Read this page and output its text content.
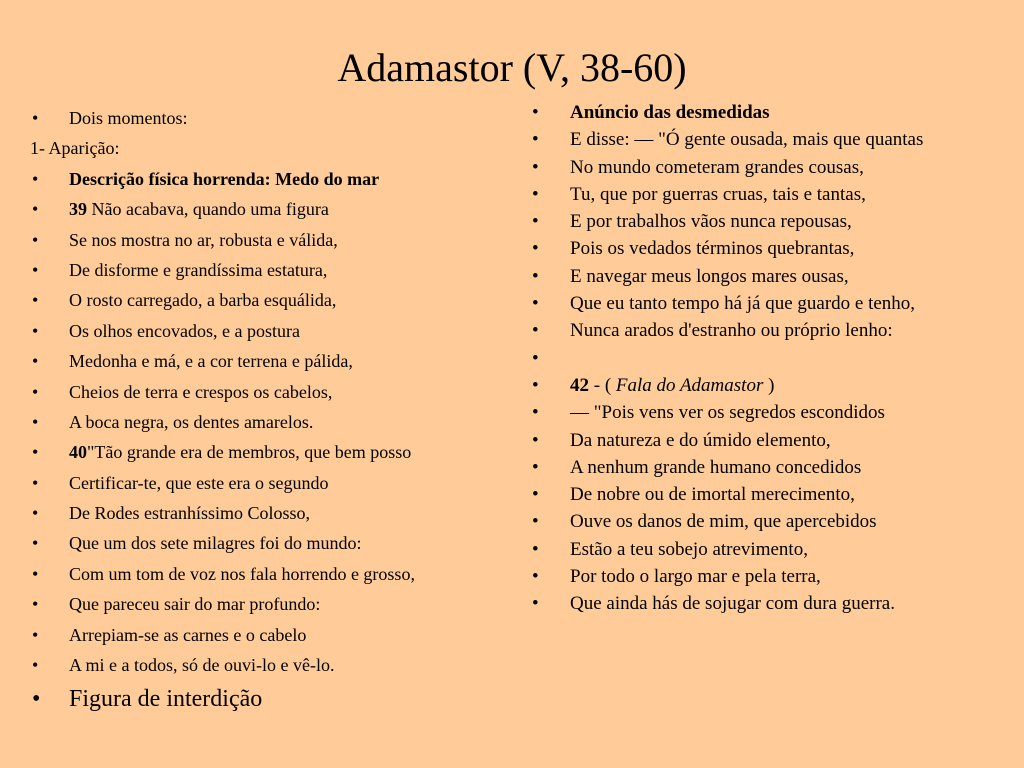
Adamastor (V, 38-60)
• Dois momentos:
1- Aparição:
• Descrição física horrenda: Medo do mar
• 39 Não acabava, quando uma figura
• Se nos mostra no ar, robusta e válida,
• De disforme e grandíssima estatura,
• O rosto carregado, a barba esquálida,
• Os olhos encovados, e a postura
• Medonha e má, e a cor terrena e pálida,
• Cheios de terra e crespos os cabelos,
• A boca negra, os dentes amarelos.
• 40"Tão grande era de membros, que bem posso
• Certificar-te, que este era o segundo
• De Rodes estranhíssimo Colosso,
• Que um dos sete milagres foi do mundo:
• Com um tom de voz nos fala horrendo e grosso,
• Que pareceu sair do mar profundo:
• Arrepiam-se as carnes e o cabelo
• A mi e a todos, só de ouvi-lo e vê-lo.
• Figura de interdição
• Anúncio das desmedidas
• E disse: — "Ó gente ousada, mais que quantas
• No mundo cometeram grandes cousas,
• Tu, que por guerras cruas, tais e tantas,
• E por trabalhos vãos nunca repousas,
• Pois os vedados términos quebrantas,
• E navegar meus longos mares ousas,
• Que eu tanto tempo há já que guardo e tenho,
• Nunca arados d'estranho ou próprio lenho:
•

• 42 - ( Fala do Adamastor )
• — "Pois vens ver os segredos escondidos
• Da natureza e do úmido elemento,
• A nenhum grande humano concedidos
• De nobre ou de imortal merecimento,
• Ouve os danos de mim, que apercebidos
• Estão a teu sobejo atrevimento,
• Por todo o largo mar e pela terra,
• Que ainda hás de sojugar com dura guerra.
